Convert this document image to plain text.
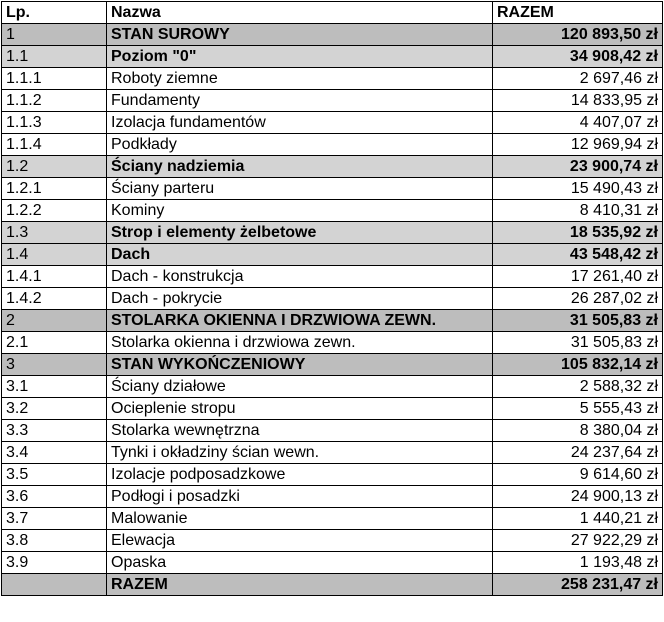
Lp.	Nazwa	RAZEM
1	STAN SUROWY	120 893,50 zł
1.1	Poziom "0"	34 908,42 zł
1.1.1	Roboty ziemne	2 697,46 zł
1.1.2	Fundamenty	14 833,95 zł
1.1.3	Izolacja fundamentów	4 407,07 zł
1.1.4	Podkłady	12 969,94 zł
1.2	Ściany nadziemia	23 900,74 zł
1.2.1	Ściany parteru	15 490,43 zł
1.2.2	Kominy	8 410,31 zł
1.3	Strop i elementy żelbetowe	18 535,92 zł
1.4	Dach	43 548,42 zł
1.4.1	Dach - konstrukcja	17 261,40 zł
1.4.2	Dach - pokrycie	26 287,02 zł
2	STOLARKA OKIENNA I DRZWIOWA ZEWN.	31 505,83 zł
2.1	Stolarka okienna i drzwiowa zewn.	31 505,83 zł
3	STAN WYKOŃCZENIOWY	105 832,14 zł
3.1	Ściany działowe	2 588,32 zł
3.2	Ocieplenie stropu	5 555,43 zł
3.3	Stolarka wewnętrzna	8 380,04 zł
3.4	Tynki i okładziny ścian wewn.	24 237,64 zł
3.5	Izolacje podposadzkowe	9 614,60 zł
3.6	Podłogi i posadzki	24 900,13 zł
3.7	Malowanie	1 440,21 zł
3.8	Elewacja	27 922,29 zł
3.9	Opaska	1 193,48 zł
	RAZEM	258 231,47 zł
